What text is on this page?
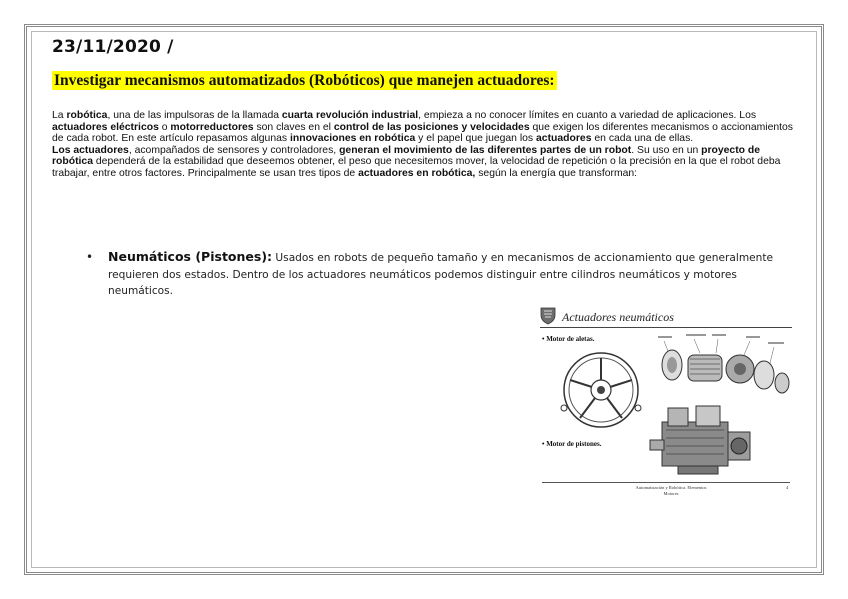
23/11/2020 /
Investigar mecanismos automatizados (Robóticos) que manejen actuadores:

La robótica, una de las impulsoras de la llamada cuarta revolución industrial, empieza a no conocer límites en cuanto a variedad de aplicaciones. Los actuadores eléctricos o motorreductores son claves en el control de las posiciones y velocidades que exigen los diferentes mecanismos o accionamientos de cada robot. En este artículo repasamos algunas innovaciones en robótica y el papel que juegan los actuadores en cada una de ellas.

Los actuadores, acompañados de sensores y controladores, generan el movimiento de las diferentes partes de un robot. Su uso en un proyecto de robótica dependerá de la estabilidad que deseemos obtener, el peso que necesitemos mover, la velocidad de repetición o la precisión en la que el robot deba trabajar, entre otros factores. Principalmente se usan tres tipos de actuadores en robótica, según la energía que transforman:

• Neumáticos (Pistones): Usados en robots de pequeño tamaño y en mecanismos de accionamiento que generalmente requieren dos estados. Dentro de los actuadores neumáticos podemos distinguir entre cilindros neumáticos y motores neumáticos.
Actuadores neumáticos
• Motor de aletas.
• Motor de pistones.
Automatización y Robótica. Elementos
Motores
4
